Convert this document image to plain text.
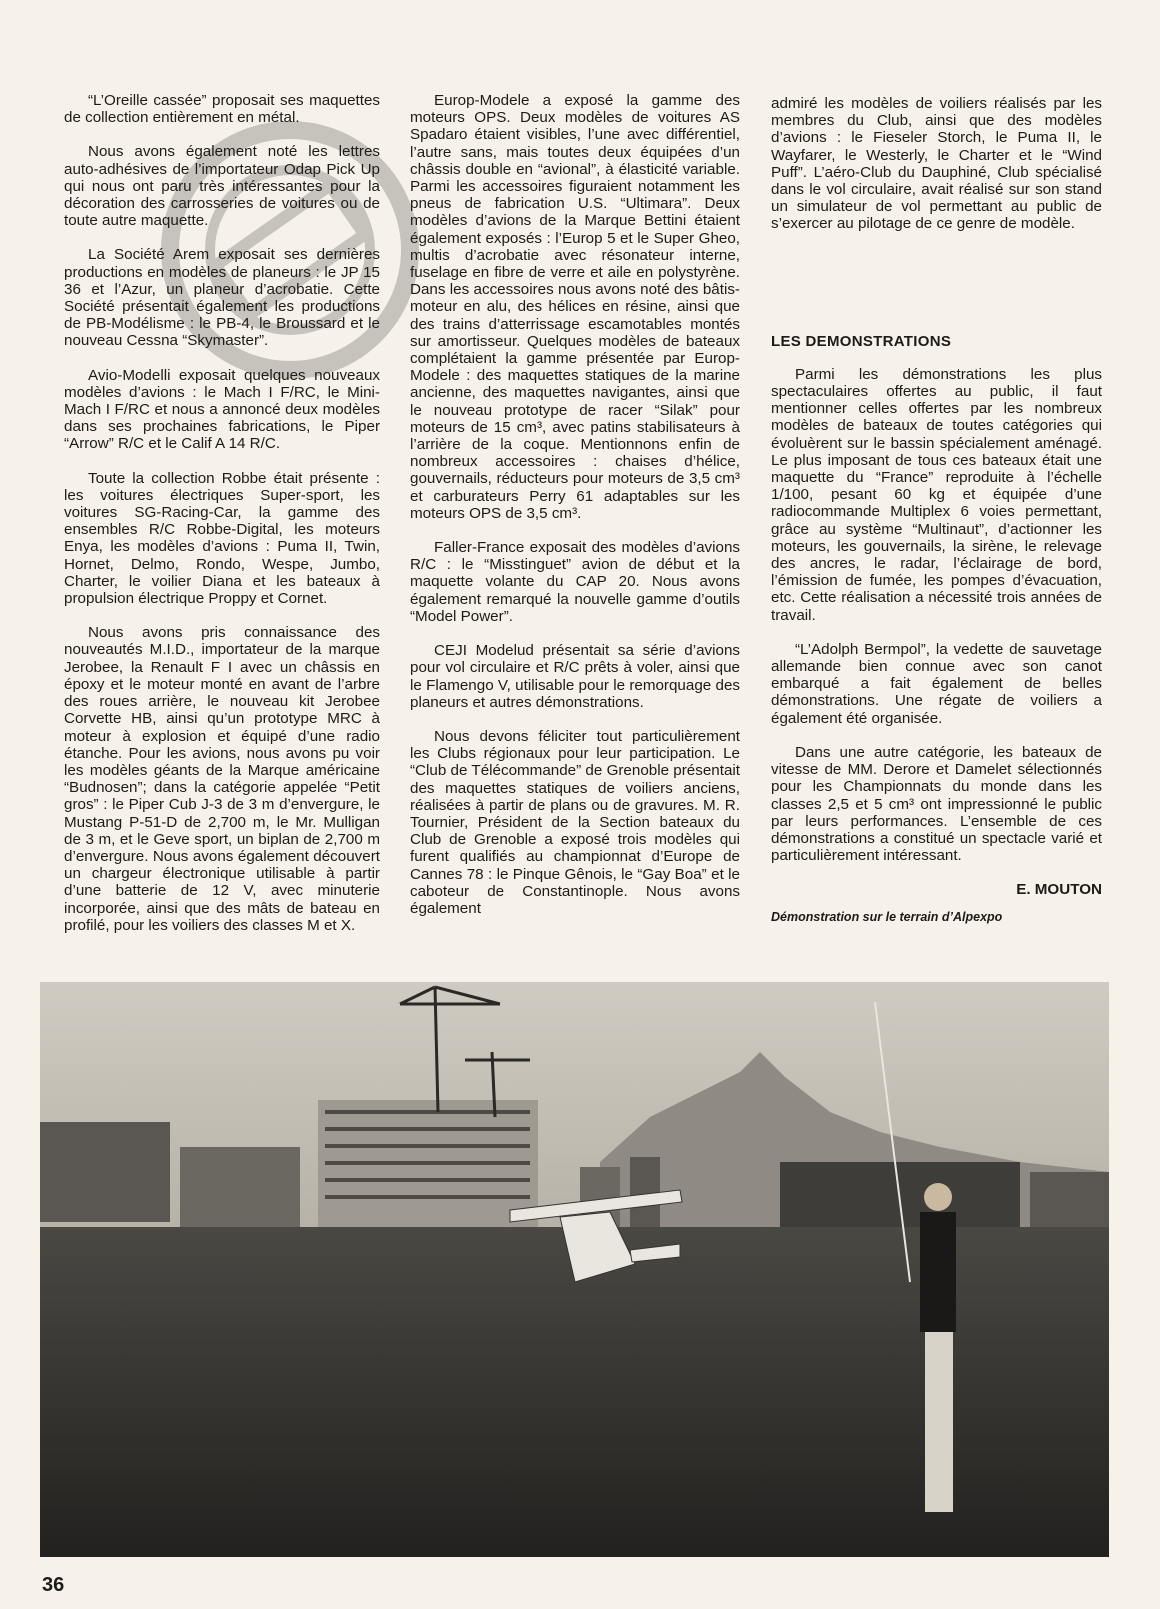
“L’Oreille cassée” proposait ses maquettes de collection entièrement en métal.

Nous avons également noté les lettres auto-adhésives de l’importateur Odap Pick Up qui nous ont paru très intéressantes pour la décoration des carrosseries de voitures ou de toute autre maquette.

La Société Arem exposait ses dernières productions en modèles de planeurs : le JP 15 36 et l’Azur, un planeur d’acrobatie. Cette Société présentait également les productions de PB-Modélisme : le PB-4, le Broussard et le nouveau Cessna “Skymaster”.

Avio-Modelli exposait quelques nouveaux modèles d’avions : le Mach I F/RC, le Mini-Mach I F/RC et nous a annoncé deux modèles dans ses prochaines fabrications, le Piper “Arrow” R/C et le Calif A 14 R/C.

Toute la collection Robbe était présente : les voitures électriques Super-sport, les voitures SG-Racing-Car, la gamme des ensembles R/C Robbe-Digital, les moteurs Enya, les modèles d’avions : Puma II, Twin, Hornet, Delmo, Rondo, Wespe, Jumbo, Charter, le voilier Diana et les bateaux à propulsion électrique Proppy et Cornet.

Nous avons pris connaissance des nouveautés M.I.D., importateur de la marque Jerobee, la Renault F I avec un châssis en époxy et le moteur monté en avant de l’arbre des roues arrière, le nouveau kit Jerobee Corvette HB, ainsi qu’un prototype MRC à moteur à explosion et équipé d’une radio étanche. Pour les avions, nous avons pu voir les modèles géants de la Marque américaine “Budnosen”; dans la catégorie appelée “Petit gros” : le Piper Cub J-3 de 3 m d’envergure, le Mustang P-51-D de 2,700 m, le Mr. Mulligan de 3 m, et le Geve sport, un biplan de 2,700 m d’envergure. Nous avons également découvert un chargeur électronique utilisable à partir d’une batterie de 12 V, avec minuterie incorporée, ainsi que des mâts de bateau en profilé, pour les voiliers des classes M et X.

Europ-Modele a exposé la gamme des moteurs OPS. Deux modèles de voitures AS Spadaro étaient visibles, l’une avec différentiel, l’autre sans, mais toutes deux équipées d’un châssis double en “avional”, à élasticité variable. Parmi les accessoires figuraient notamment les pneus de fabrication U.S. “Ultimara”. Deux modèles d’avions de la Marque Bettini étaient également exposés : l’Europ 5 et le Super Gheo, multis d’acrobatie avec résonateur interne, fuselage en fibre de verre et aile en polystyrène. Dans les accessoires nous avons noté des bâtis-moteur en alu, des hélices en résine, ainsi que des trains d’atterrissage escamotables montés sur amortisseur. Quelques modèles de bateaux complétaient la gamme présentée par Europ-Modele : des maquettes statiques de la marine ancienne, des maquettes navigantes, ainsi que le nouveau prototype de racer “Silak” pour moteurs de 15 cm³, avec patins stabilisateurs à l’arrière de la coque. Mentionnons enfin de nombreux accessoires : chaises d’hélice, gouvernails, réducteurs pour moteurs de 3,5 cm³ et carburateurs Perry 61 adaptables sur les moteurs OPS de 3,5 cm³.

Faller-France exposait des modèles d’avions R/C : le “Misstinguet” avion de début et la maquette volante du CAP 20. Nous avons également remarqué la nouvelle gamme d’outils “Model Power”.

CEJI Modelud présentait sa série d’avions pour vol circulaire et R/C prêts à voler, ainsi que le Flamengo V, utilisable pour le remorquage des planeurs et autres démonstrations.

Nous devons féliciter tout particulièrement les Clubs régionaux pour leur participation. Le “Club de Télécommande” de Grenoble présentait des maquettes statiques de voiliers anciens, réalisées à partir de plans ou de gravures. M. R. Tournier, Président de la Section bateaux du Club de Grenoble a exposé trois modèles qui furent qualifiés au championnat d’Europe de Cannes 78 : le Pinque Gênois, le “Gay Boa” et le caboteur de Constantinople. Nous avons également

admiré les modèles de voiliers réalisés par les membres du Club, ainsi que des modèles d’avions : le Fieseler Storch, le Puma II, le Wayfarer, le Westerly, le Charter et le “Wind Puff”. L’aéro-Club du Dauphiné, Club spécialisé dans le vol circulaire, avait réalisé sur son stand un simulateur de vol permettant au public de s’exercer au pilotage de ce genre de modèle.

LES DEMONSTRATIONS

Parmi les démonstrations les plus spectaculaires offertes au public, il faut mentionner celles offertes par les nombreux modèles de bateaux de toutes catégories qui évoluèrent sur le bassin spécialement aménagé. Le plus imposant de tous ces bateaux était une maquette du “France” reproduite à l’échelle 1/100, pesant 60 kg et équipée d’une radiocommande Multiplex 6 voies permettant, grâce au système “Multinaut”, d’actionner les moteurs, les gouvernails, la sirène, le relevage des ancres, le radar, l’éclairage de bord, l’émission de fumée, les pompes d’évacuation, etc. Cette réalisation a nécessité trois années de travail.

“L’Adolph Bermpol”, la vedette de sauvetage allemande bien connue avec son canot embarqué a fait également de belles démonstrations. Une régate de voiliers a également été organisée.

Dans une autre catégorie, les bateaux de vitesse de MM. Derore et Damelet sélectionnés pour les Championnats du monde dans les classes 2,5 et 5 cm³ ont impressionné le public par leurs performances. L’ensemble de ces démonstrations a constitué un spectacle varié et particulièrement intéressant.

E. MOUTON

Démonstration sur le terrain d’Alpexpo

36
